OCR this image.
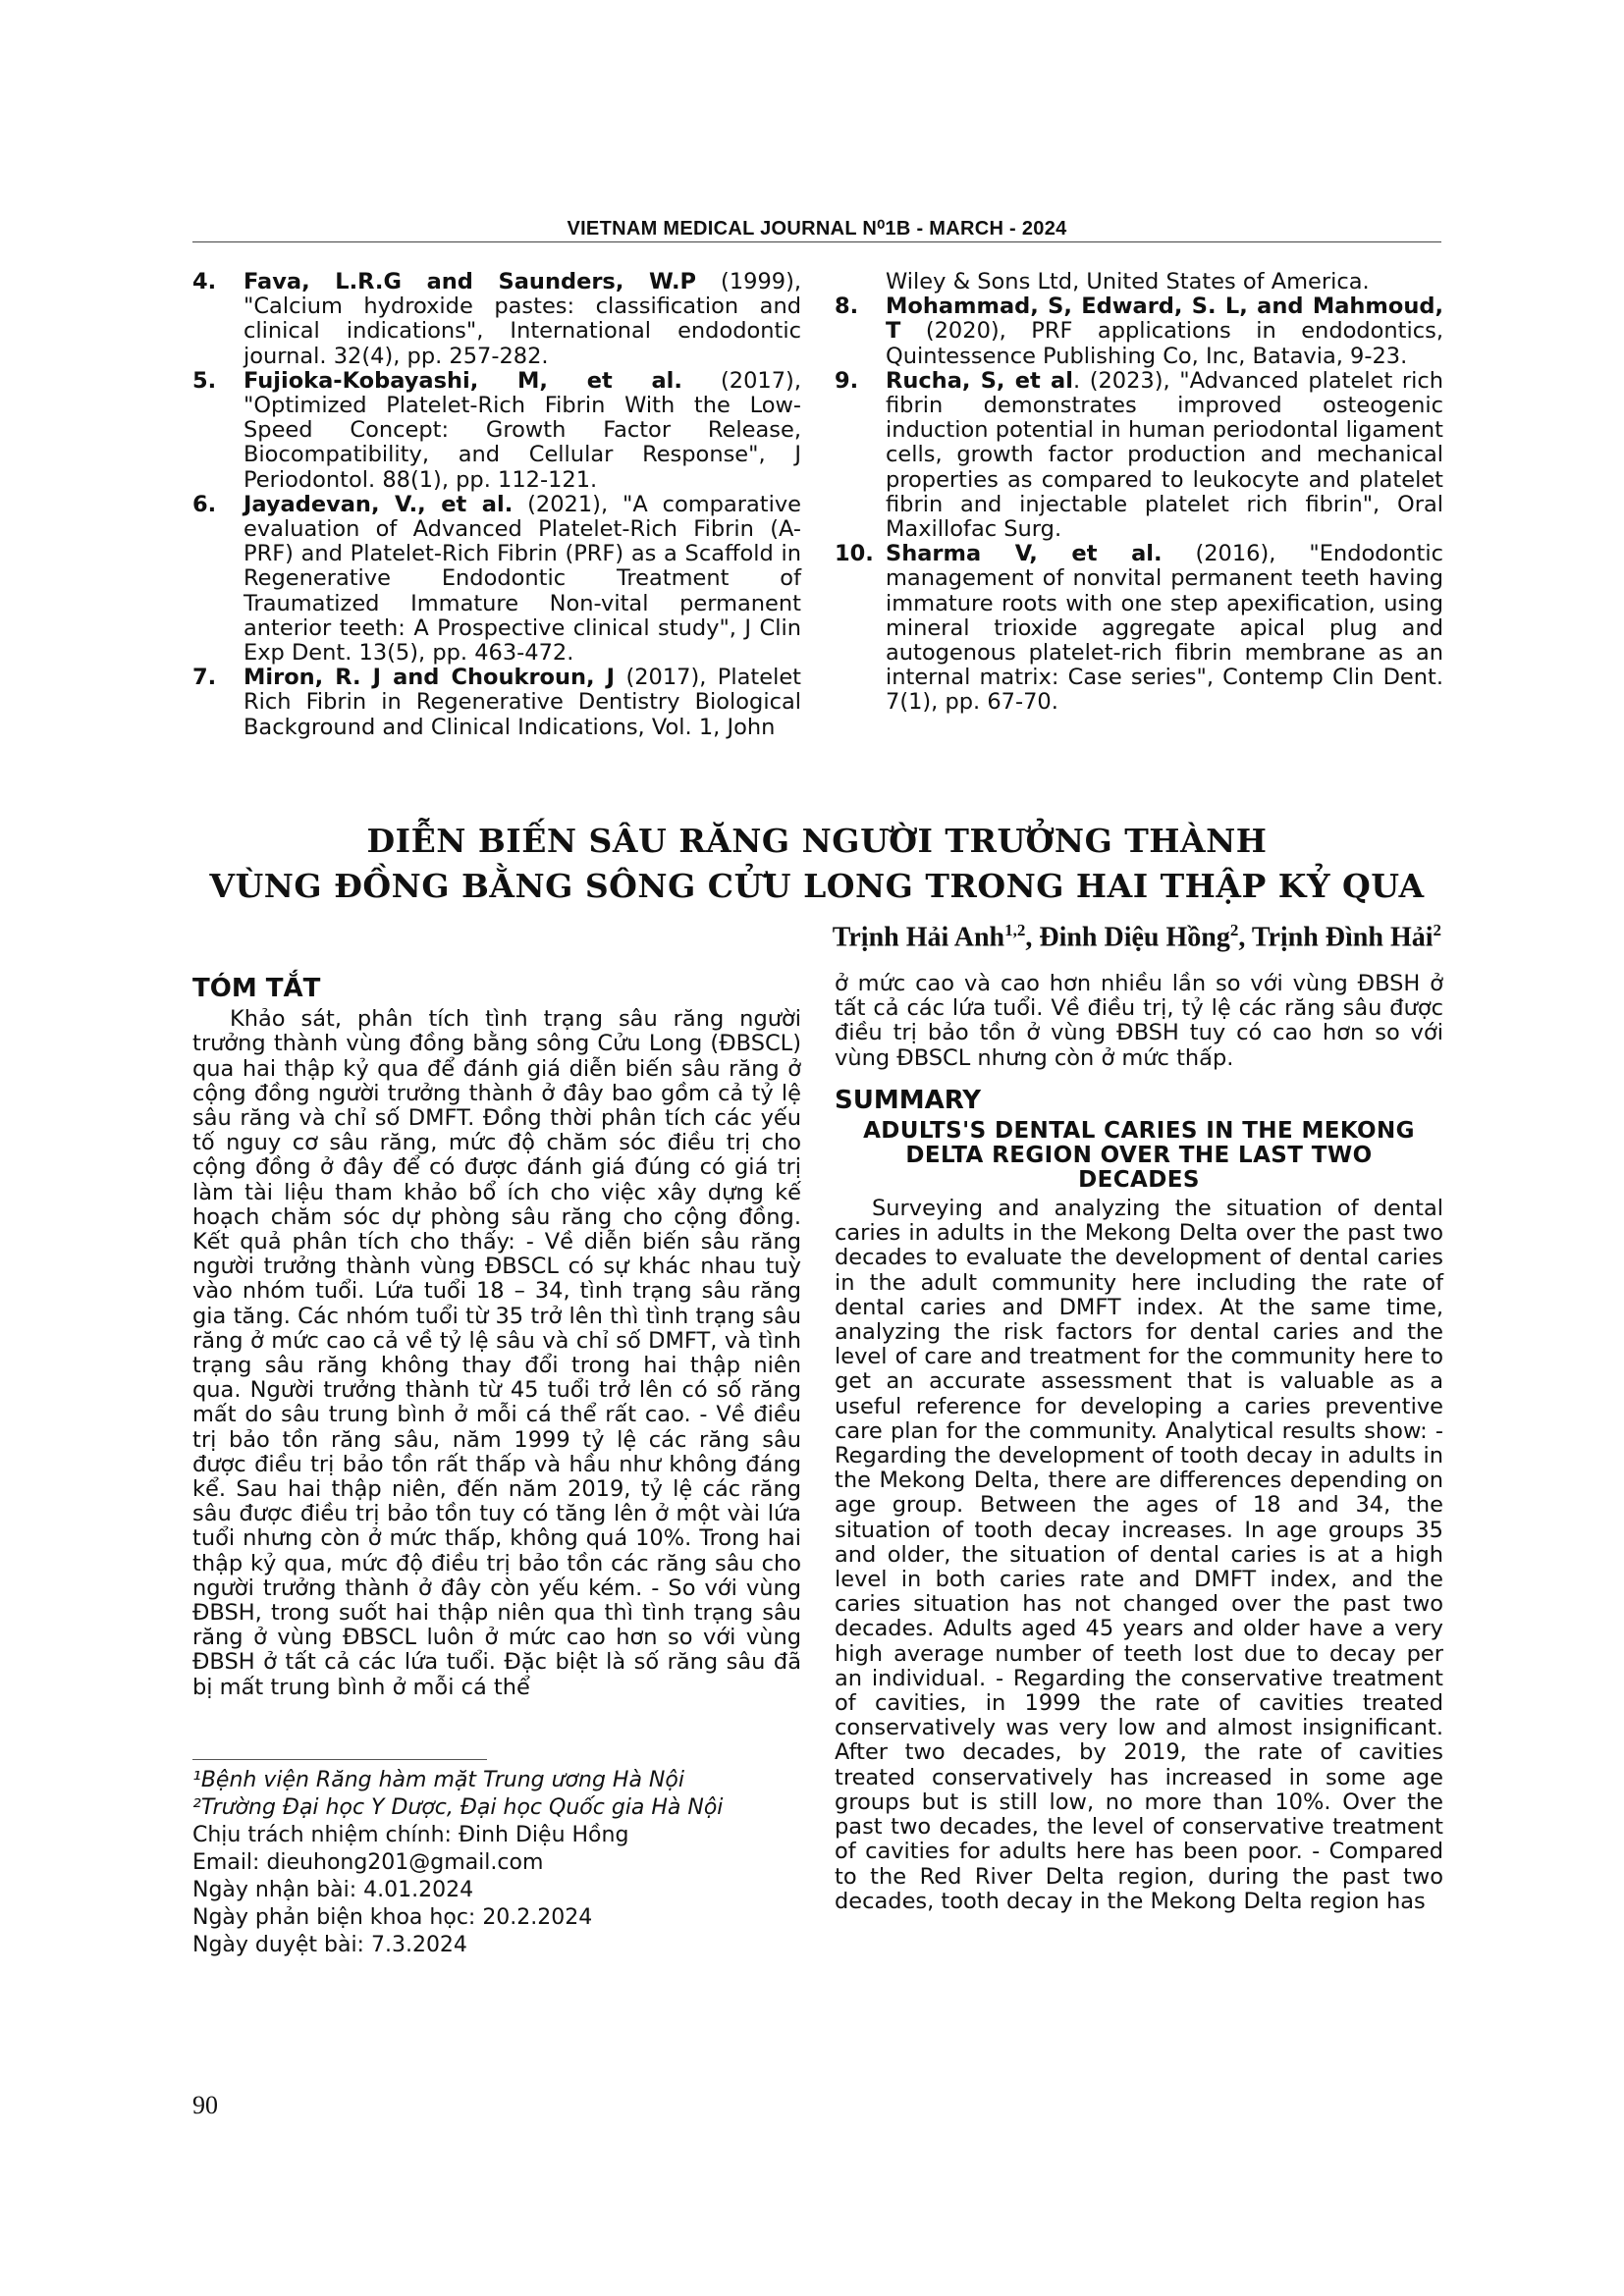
VIETNAM MEDICAL JOURNAL N⁰1B - MARCH - 2024
4. Fava, L.R.G and Saunders, W.P (1999), "Calcium hydroxide pastes: classification and clinical indications", International endodontic journal. 32(4), pp. 257-282.
5. Fujioka-Kobayashi, M, et al. (2017), "Optimized Platelet-Rich Fibrin With the Low-Speed Concept: Growth Factor Release, Biocompatibility, and Cellular Response", J Periodontol. 88(1), pp. 112-121.
6. Jayadevan, V., et al. (2021), "A comparative evaluation of Advanced Platelet-Rich Fibrin (A-PRF) and Platelet-Rich Fibrin (PRF) as a Scaffold in Regenerative Endodontic Treatment of Traumatized Immature Non-vital permanent anterior teeth: A Prospective clinical study", J Clin Exp Dent. 13(5), pp. 463-472.
7. Miron, R. J and Choukroun, J (2017), Platelet Rich Fibrin in Regenerative Dentistry Biological Background and Clinical Indications, Vol. 1, John
Wiley & Sons Ltd, United States of America.
8. Mohammad, S, Edward, S. L, and Mahmoud, T (2020), PRF applications in endodontics, Quintessence Publishing Co, Inc, Batavia, 9-23.
9. Rucha, S, et al. (2023), "Advanced platelet rich fibrin demonstrates improved osteogenic induction potential in human periodontal ligament cells, growth factor production and mechanical properties as compared to leukocyte and platelet fibrin and injectable platelet rich fibrin", Oral Maxillofac Surg.
10. Sharma V, et al. (2016), "Endodontic management of nonvital permanent teeth having immature roots with one step apexification, using mineral trioxide aggregate apical plug and autogenous platelet-rich fibrin membrane as an internal matrix: Case series", Contemp Clin Dent. 7(1), pp. 67-70.
DIỄN BIẾN SÂU RĂNG NGƯỜI TRƯỞNG THÀNH
VÙNG ĐỒNG BẰNG SÔNG CỬU LONG TRONG HAI THẬP KỶ QUA
Trịnh Hải Anh$^{1,2}$, Đinh Diệu Hồng$^2$, Trịnh Đình Hải$^2$
TÓM TẮT
Khảo sát, phân tích tình trạng sâu răng người trưởng thành vùng đồng bằng sông Cửu Long (ĐBSCL) qua hai thập kỷ qua để đánh giá diễn biến sâu răng ở cộng đồng người trưởng thành ở đây bao gồm cả tỷ lệ sâu răng và chỉ số DMFT. Đồng thời phân tích các yếu tố nguy cơ sâu răng, mức độ chăm sóc điều trị cho cộng đồng ở đây để có được đánh giá đúng có giá trị làm tài liệu tham khảo bổ ích cho việc xây dựng kế hoạch chăm sóc dự phòng sâu răng cho cộng đồng. Kết quả phân tích cho thấy: - Về diễn biến sâu răng người trưởng thành vùng ĐBSCL có sự khác nhau tuỳ vào nhóm tuổi. Lứa tuổi 18 – 34, tình trạng sâu răng gia tăng. Các nhóm tuổi từ 35 trở lên thì tình trạng sâu răng ở mức cao cả về tỷ lệ sâu và chỉ số DMFT, và tình trạng sâu răng không thay đổi trong hai thập niên qua. Người trưởng thành từ 45 tuổi trở lên có số răng mất do sâu trung bình ở mỗi cá thể rất cao. - Về điều trị bảo tồn răng sâu, năm 1999 tỷ lệ các răng sâu được điều trị bảo tồn rất thấp và hầu như không đáng kể. Sau hai thập niên, đến năm 2019, tỷ lệ các răng sâu được điều trị bảo tồn tuy có tăng lên ở một vài lứa tuổi nhưng còn ở mức thấp, không quá 10%. Trong hai thập kỷ qua, mức độ điều trị bảo tồn các răng sâu cho người trưởng thành ở đây còn yếu kém. - So với vùng ĐBSH, trong suốt hai thập niên qua thì tình trạng sâu răng ở vùng ĐBSCL luôn ở mức cao hơn so với vùng ĐBSH ở tất cả các lứa tuổi. Đặc biệt là số răng sâu đã bị mất trung bình ở mỗi cá thể
¹Bệnh viện Răng hàm mặt Trung ương Hà Nội
²Trường Đại học Y Dược, Đại học Quốc gia Hà Nội
Chịu trách nhiệm chính: Đinh Diệu Hồng
Email: dieuhong201@gmail.com
Ngày nhận bài: 4.01.2024
Ngày phản biện khoa học: 20.2.2024
Ngày duyệt bài: 7.3.2024
ở mức cao và cao hơn nhiều lần so với vùng ĐBSH ở tất cả các lứa tuổi. Về điều trị, tỷ lệ các răng sâu được điều trị bảo tồn ở vùng ĐBSH tuy có cao hơn so với vùng ĐBSCL nhưng còn ở mức thấp.
SUMMARY
ADULTS'S DENTAL CARIES IN THE MEKONG DELTA REGION OVER THE LAST TWO DECADES
Surveying and analyzing the situation of dental caries in adults in the Mekong Delta over the past two decades to evaluate the development of dental caries in the adult community here including the rate of dental caries and DMFT index. At the same time, analyzing the risk factors for dental caries and the level of care and treatment for the community here to get an accurate assessment that is valuable as a useful reference for developing a caries preventive care plan for the community. Analytical results show: - Regarding the development of tooth decay in adults in the Mekong Delta, there are differences depending on age group. Between the ages of 18 and 34, the situation of tooth decay increases. In age groups 35 and older, the situation of dental caries is at a high level in both caries rate and DMFT index, and the caries situation has not changed over the past two decades. Adults aged 45 years and older have a very high average number of teeth lost due to decay per an individual. - Regarding the conservative treatment of cavities, in 1999 the rate of cavities treated conservatively was very low and almost insignificant. After two decades, by 2019, the rate of cavities treated conservatively has increased in some age groups but is still low, no more than 10%. Over the past two decades, the level of conservative treatment of cavities for adults here has been poor. - Compared to the Red River Delta region, during the past two decades, tooth decay in the Mekong Delta region has
90
